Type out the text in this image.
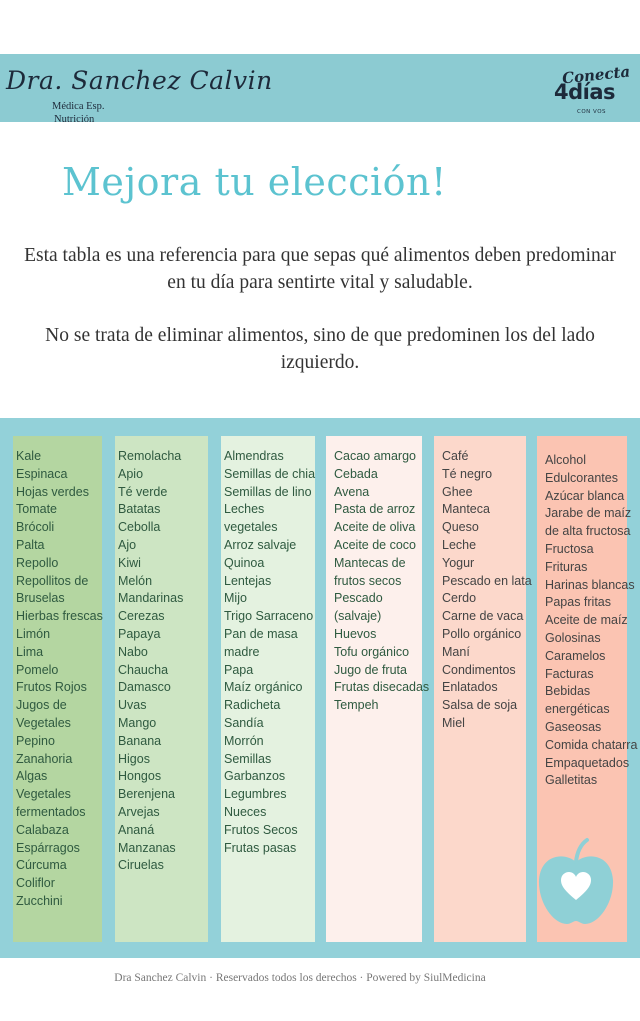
Dra. Sanchez Calvin
Médica Esp.
Nutrición
Conecta
4días
CON VOS
Mejora tu elección!
Esta tabla es una referencia para que sepas qué alimentos deben predominar en tu día para sentirte vital y saludable.
No se trata de eliminar alimentos, sino de que predominen los del lado izquierdo.
Kale
Espinaca
Hojas verdes
Tomate
Brócoli
Palta
Repollo
Repollitos de
Bruselas
Hierbas frescas
Limón
Lima
Pomelo
Frutos Rojos
Jugos de
Vegetales
Pepino
Zanahoria
Algas
Vegetales
fermentados
Calabaza
Espárragos
Cúrcuma
Coliflor
Zucchini
Remolacha
Apio
Té verde
Batatas
Cebolla
Ajo
Kiwi
Melón
Mandarinas
Cerezas
Papaya
Nabo
Chaucha
Damasco
Uvas
Mango
Banana
Higos
Hongos
Berenjena
Arvejas
Ananá
Manzanas
Ciruelas
Almendras
Semillas de chia
Semillas de lino
Leches
vegetales
Arroz salvaje
Quinoa
Lentejas
Mijo
Trigo Sarraceno
Pan de masa
madre
Papa
Maíz orgánico
Radicheta
Sandía
Morrón
Semillas
Garbanzos
Legumbres
Nueces
Frutos Secos
Frutas pasas
Cacao amargo
Cebada
Avena
Pasta de arroz
Aceite de oliva
Aceite de coco
Mantecas de
frutos secos
Pescado
(salvaje)
Huevos
Tofu orgánico
Jugo de fruta
Frutas disecadas
Tempeh
Café
Té negro
Ghee
Manteca
Queso
Leche
Yogur
Pescado en lata
Cerdo
Carne de vaca
Pollo orgánico
Maní
Condimentos
Enlatados
Salsa de soja
Miel
Alcohol
Edulcorantes
Azúcar blanca
Jarabe de maíz
de alta fructosa
Fructosa
Frituras
Harinas blancas
Papas fritas
Aceite de maíz
Golosinas
Caramelos
Facturas
Bebidas
energéticas
Gaseosas
Comida chatarra
Empaquetados
Galletitas
Dra Sanchez Calvin · Reservados todos los derechos · Powered by SiulMedicina
